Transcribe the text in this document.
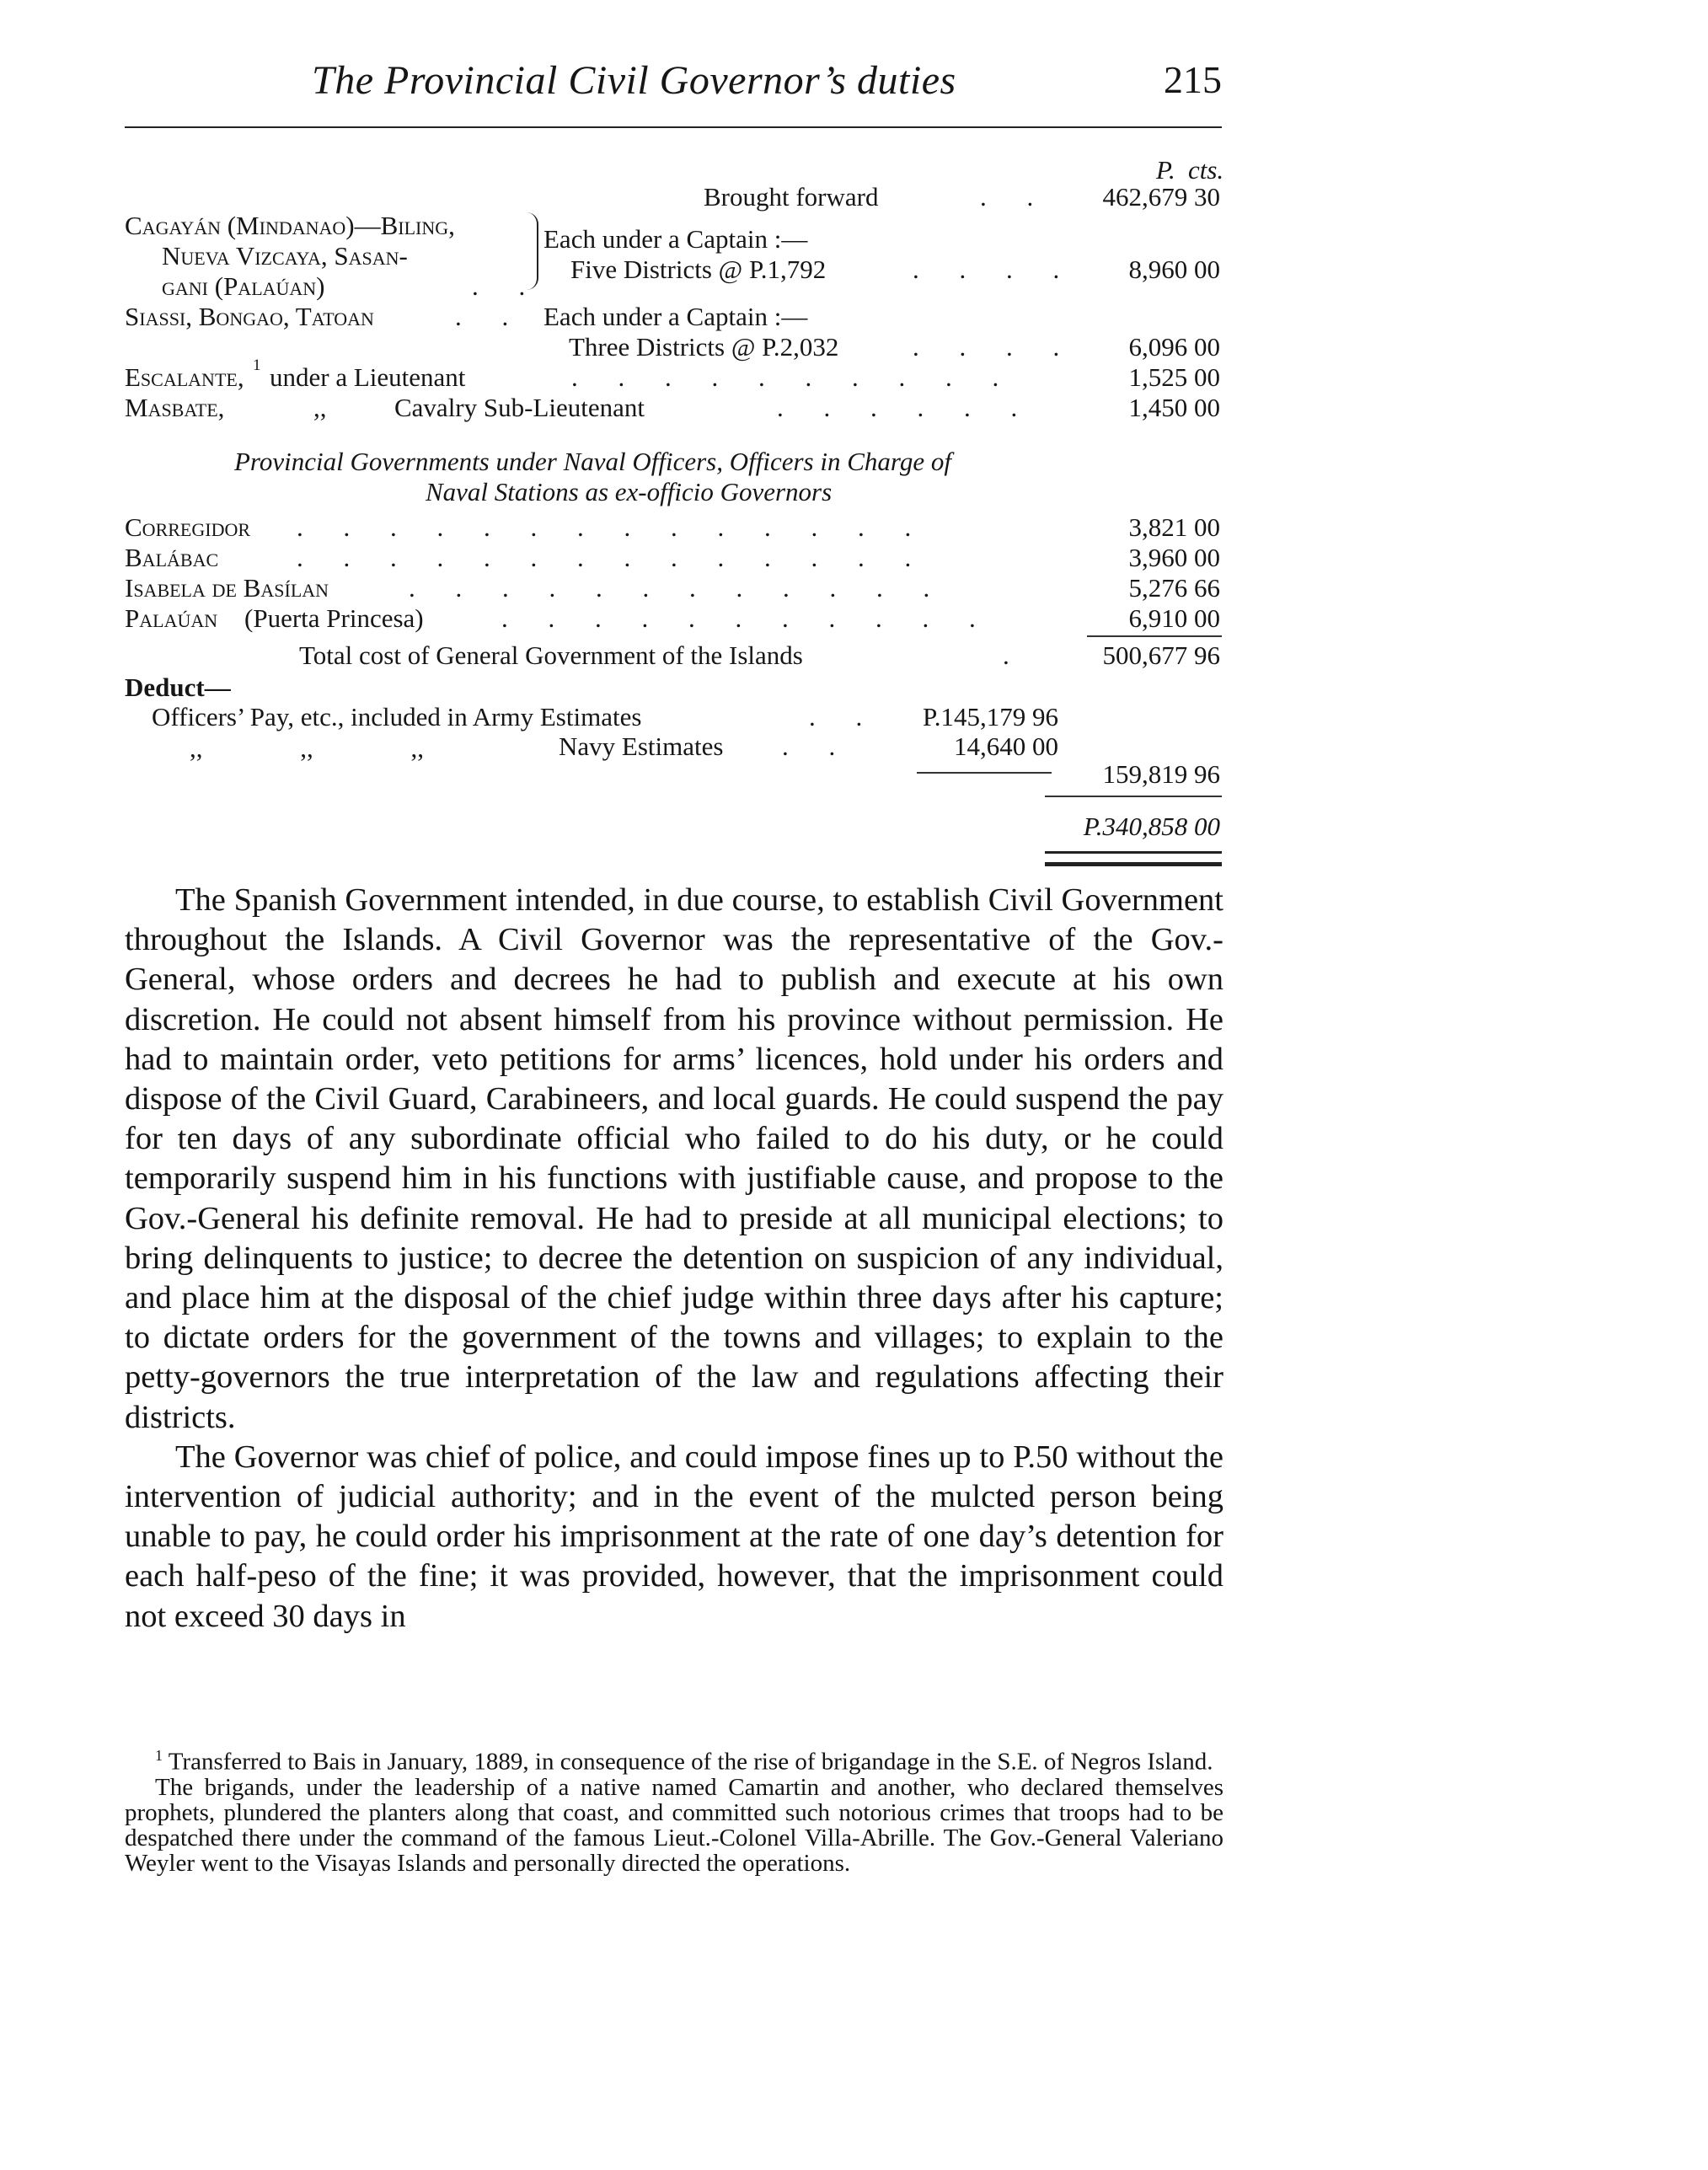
The Provincial Civil Governor’s duties	215
P. cts.
Brought forward	. .	462,679 30
Cagayán (Mindanao)—Biling,
Nueva Vizcaya, Sasan-
gani (Palaúan)	. .
Each under a Captain :—
Five Districts @ P.1,792	. . . .	8,960 00
Siassi, Bongao, Tatoan	. . Each under a Captain :—
Three Districts @ P.2,032	. . . .	6,096 00
Escalante, 1 under a Lieutenant	. . . . . . . . . .	1,525 00
Masbate,	,,	Cavalry Sub-Lieutenant	. . . . . .	1,450 00
Provincial Governments under Naval Officers, Officers in Charge of
Naval Stations as ex-officio Governors
Corregidor . . . . . . . . . . . . . .	3,821 00
Balábac	. . . . . . . . . . . . . .	3,960 00
Isabela de Basílan	. . . . . . . . . . . .	5,276 66
Palaúan (Puerta Princesa)	. . . . . . . . . . .	6,910 00
Total cost of General Government of the Islands	.	500,677 96
Deduct—
Officers’ Pay, etc., included in Army Estimates	. .	P.145,179 96
,, ,, ,,	Navy Estimates . .	14,640 00
159,819 96
P.340,858 00

The Spanish Government intended, in due course, to establish Civil Government throughout the Islands. A Civil Governor was the representative of the Gov.-General, whose orders and decrees he had to publish and execute at his own discretion. He could not absent himself from his province without permission. He had to maintain order, veto petitions for arms’ licences, hold under his orders and dispose of the Civil Guard, Carabineers, and local guards. He could suspend the pay for ten days of any subordinate official who failed to do his duty, or he could temporarily suspend him in his functions with justifiable cause, and propose to the Gov.-General his definite removal. He had to preside at all municipal elections; to bring delinquents to justice; to decree the detention on suspicion of any individual, and place him at the disposal of the chief judge within three days after his capture; to dictate orders for the government of the towns and villages; to explain to the petty-governors the true interpretation of the law and regulations affecting their districts.

The Governor was chief of police, and could impose fines up to P.50 without the intervention of judicial authority; and in the event of the mulcted person being unable to pay, he could order his imprisonment at the rate of one day’s detention for each half-peso of the fine; it was provided, however, that the imprisonment could not exceed 30 days in

$^1$ Transferred to Bais in January, 1889, in consequence of the rise of brigandage in the S.E. of Negros Island.

The brigands, under the leadership of a native named Camartin and another, who declared themselves prophets, plundered the planters along that coast, and committed such notorious crimes that troops had to be despatched there under the command of the famous Lieut.-Colonel Villa-Abrille. The Gov.-General Valeriano Weyler went to the Visayas Islands and personally directed the operations.
